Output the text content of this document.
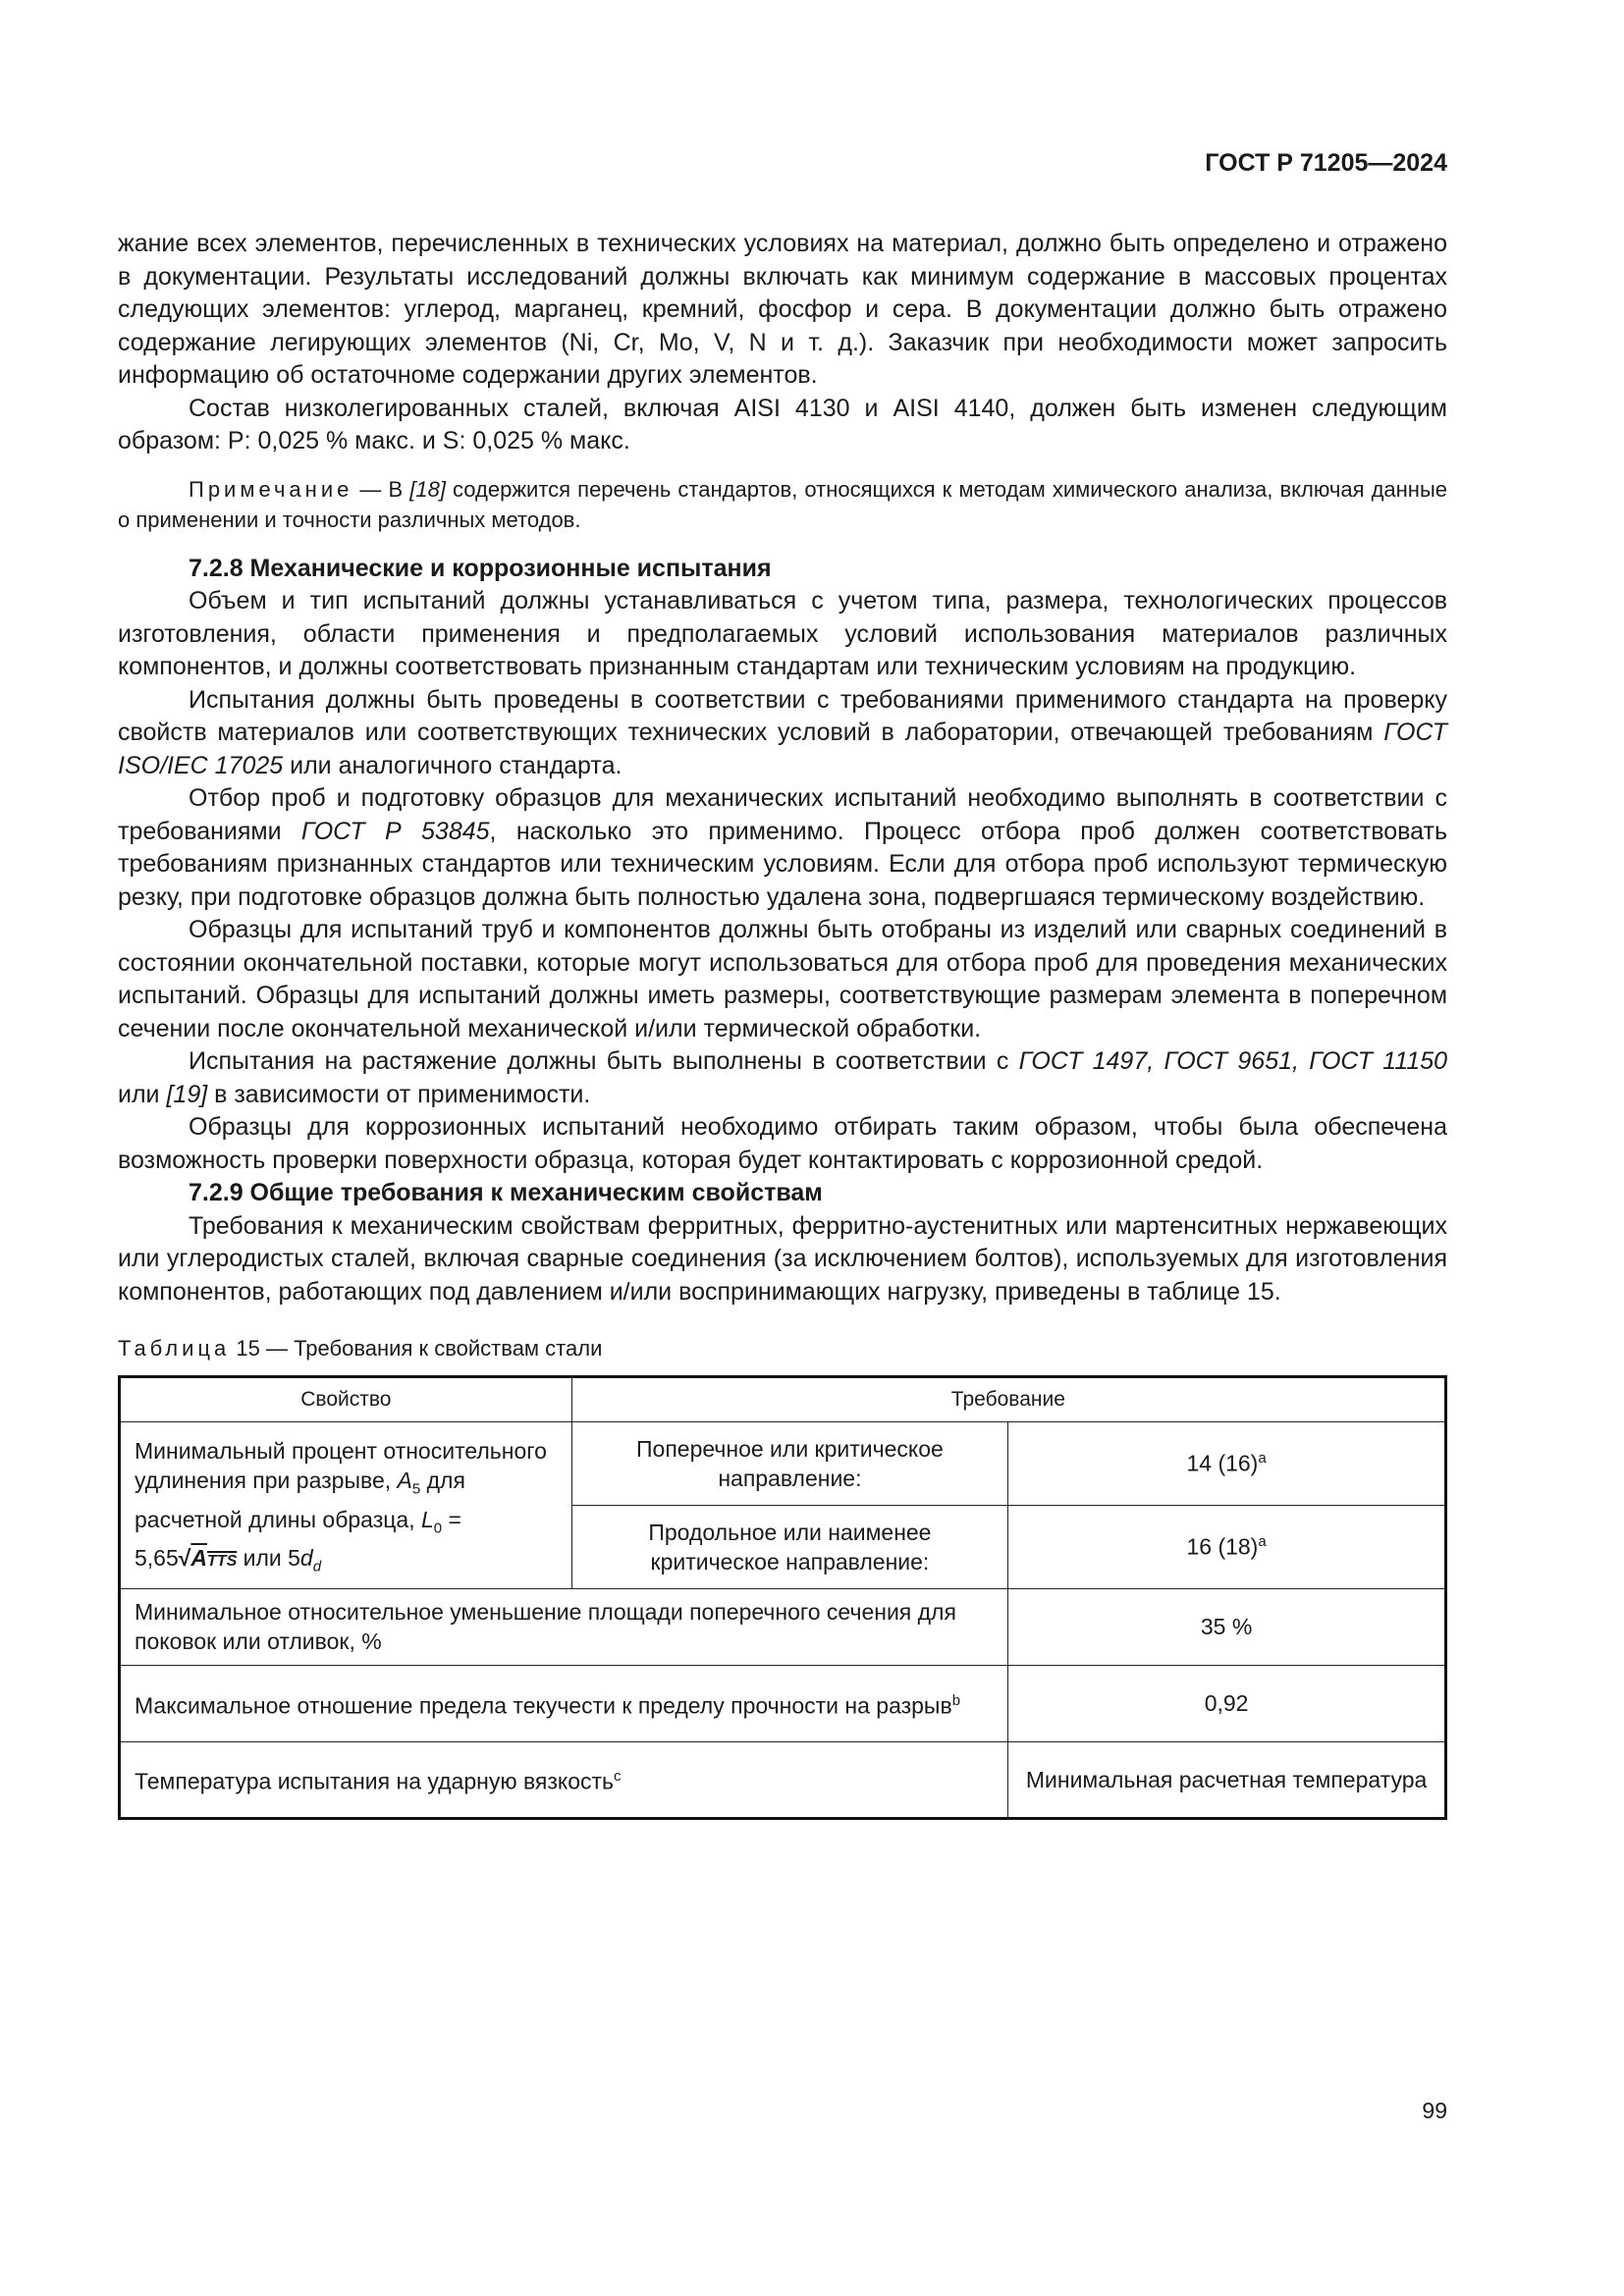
ГОСТ Р 71205—2024

жание всех элементов, перечисленных в технических условиях на материал, должно быть определено и отражено в документации. Результаты исследований должны включать как минимум содержание в массовых процентах следующих элементов: углерод, марганец, кремний, фосфор и сера. В документации должно быть отражено содержание легирующих элементов (Ni, Cr, Mo, V, N и т. д.). Заказчик при необходимости может запросить информацию об остаточноме содержании других элементов.

Состав низколегированных сталей, включая AISI 4130 и AISI 4140, должен быть изменен следующим образом: P: 0,025 % макс. и S: 0,025 % макс.

Примечание — В [18] содержится перечень стандартов, относящихся к методам химического анализа, включая данные о применении и точности различных методов.
7.2.8 Механические и коррозионные испытания

Объем и тип испытаний должны устанавливаться с учетом типа, размера, технологических процессов изготовления, области применения и предполагаемых условий использования материалов различных компонентов, и должны соответствовать признанным стандартам или техническим условиям на продукцию.

Испытания должны быть проведены в соответствии с требованиями применимого стандарта на проверку свойств материалов или соответствующих технических условий в лаборатории, отвечающей требованиям ГОСТ ISO/IEC 17025 или аналогичного стандарта.

Отбор проб и подготовку образцов для механических испытаний необходимо выполнять в соответствии с требованиями ГОСТ Р 53845, насколько это применимо. Процесс отбора проб должен соответствовать требованиям признанных стандартов или техническим условиям. Если для отбора проб используют термическую резку, при подготовке образцов должна быть полностью удалена зона, подвергшаяся термическому воздействию.

Образцы для испытаний труб и компонентов должны быть отобраны из изделий или сварных соединений в состоянии окончательной поставки, которые могут использоваться для отбора проб для проведения механических испытаний. Образцы для испытаний должны иметь размеры, соответствующие размерам элемента в поперечном сечении после окончательной механической и/или термической обработки.

Испытания на растяжение должны быть выполнены в соответствии с ГОСТ 1497, ГОСТ 9651, ГОСТ 11150 или [19] в зависимости от применимости.

Образцы для коррозионных испытаний необходимо отбирать таким образом, чтобы была обеспечена возможность проверки поверхности образца, которая будет контактировать с коррозионной средой.

7.2.9 Общие требования к механическим свойствам

Требования к механическим свойствам ферритных, ферритно-аустенитных или мартенситных нержавеющих или углеродистых сталей, включая сварные соединения (за исключением болтов), используемых для изготовления компонентов, работающих под давлением и/или воспринимающих нагрузку, приведены в таблице 15.

Таблица 15 — Требования к свойствам стали
Свойство	Требование	
Минимальный процент относительного удлинения при разрыве, $A_5$ для расчетной длины образца, $L_0$ = 5,65√ATTS или $5d_d$	Поперечное или критическое направление:	14 $(16)^a$
	Продольное или наименее критическое направление:	16 $(18)^a$
Минимальное относительное уменьшение площади поперечного сечения для поковок или отливок, %		35 %
Максимальное отношение предела текучести к пределу прочности на разрыв$^b$		0,92
Температура испытания на ударную вязкость$^c$		Минимальная расчетная температура
99
